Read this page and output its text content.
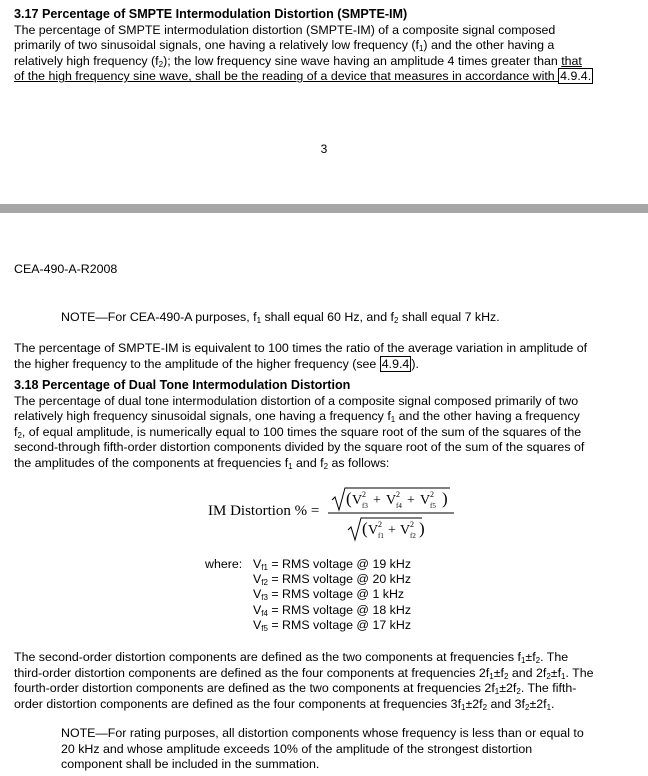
3.17 Percentage of SMPTE Intermodulation Distortion (SMPTE-IM)

The percentage of SMPTE intermodulation distortion (SMPTE-IM) of a composite signal composed

primarily of two sinusoidal signals, one having a relatively low frequency $(f_1)$ and the other having a

relatively high frequency $(f_2)$; the low frequency sine wave having an amplitude 4 times greater than that

of the high frequency sine wave, shall be the reading of a device that measures in accordance with 4.9.4.

3
CEA-490-A-R2008

NOTE—For CEA-490-A purposes, $f_1$ shall equal 60 Hz, and $f_2$ shall equal 7 kHz.

The percentage of SMPTE-IM is equivalent to 100 times the ratio of the average variation in amplitude of

the higher frequency to the amplitude of the higher frequency (see 4.9.4 ).

3.18 Percentage of Dual Tone Intermodulation Distortion

The percentage of dual tone intermodulation distortion of a composite signal composed primarily of two

relatively high frequency sinusoidal signals, one having a frequency $f_1$ and the other having a frequency

$f_2$, of equal amplitude, is numerically equal to 100 times the square root of the sum of the squares of the

second-through fifth-order distortion components divided by the square root of the sum of the squares of

the amplitudes of the components at frequencies $f_1$ and $f_2$ as follows:

IM Distortion % =
( V 2
f3 + V 2
f4 + V 2
f5 )
( V 2
f1 + V 2
f2 )
where: $V_{f1}$ = RMS voltage @ 19 kHz
$V_{f2}$ = RMS voltage @ 20 kHz
$V_{f3}$ = RMS voltage @ 1 kHz
$V_{f4}$ = RMS voltage @ 18 kHz
$V_{f5}$ = RMS voltage @ 17 kHz

The second-order distortion components are defined as the two components at frequencies $f_1\pm f_2$. The

third-order distortion components are defined as the four components at frequencies $2f_1\pm f_2$ and $2f_2\pm f_1$. The

fourth-order distortion components are defined as the two components at frequencies $2f_1\pm 2f_2$. The fifth-

order distortion components are defined as the four components at frequencies $3f_1\pm 2f_2$ and $3f_2\pm 2f_1$.

NOTE—For rating purposes, all distortion components whose frequency is less than or equal to

20 kHz and whose amplitude exceeds 10% of the amplitude of the strongest distortion

component shall be included in the summation.
